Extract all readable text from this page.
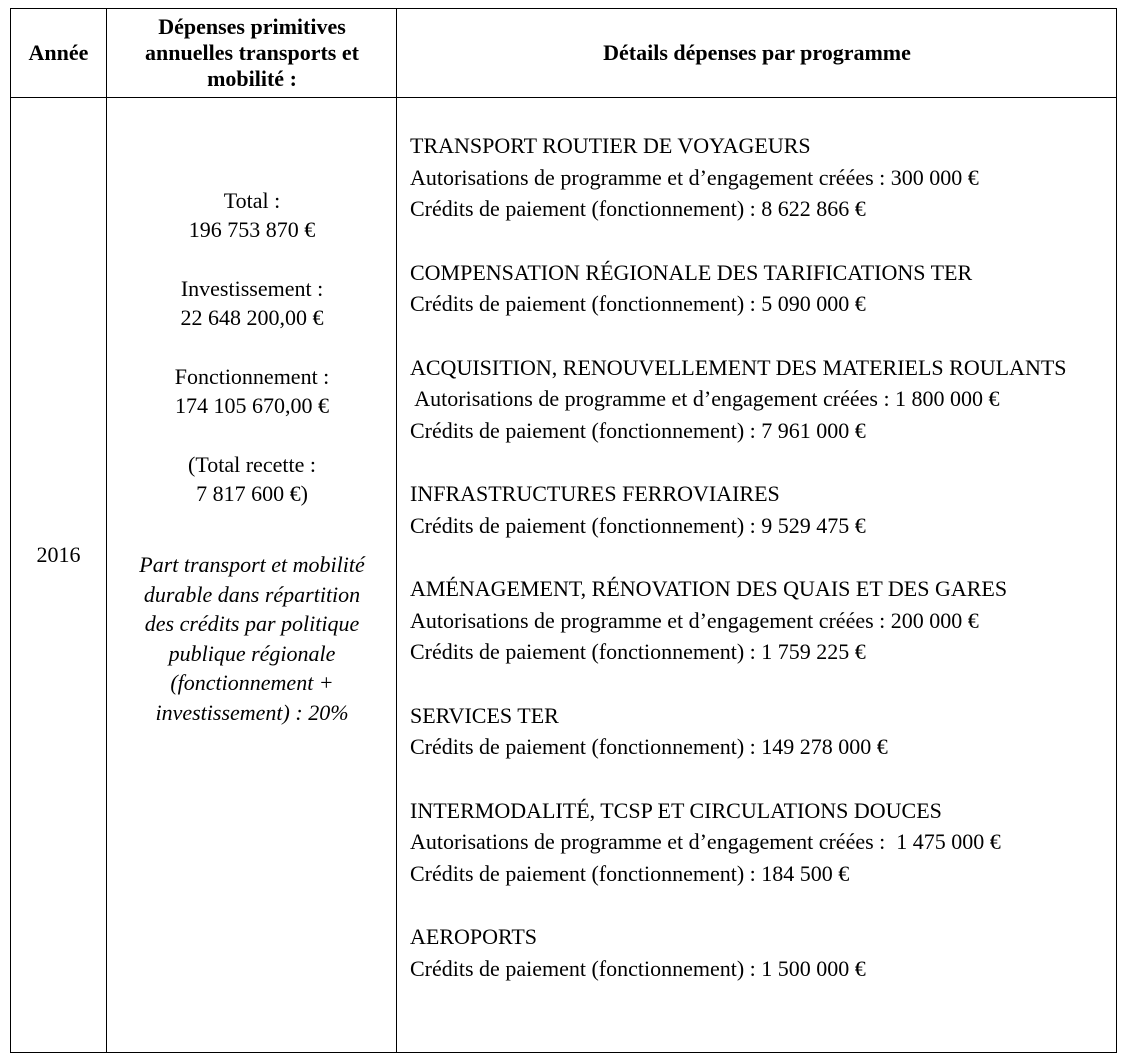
Année
Dépenses primitives
annuelles transports et
mobilité :
Détails dépenses par programme
2016
Total :
196 753 870 €
Investissement :
22 648 200,00 €
Fonctionnement :
174 105 670,00 €
(Total recette :
7 817 600 €)
Part transport et mobilité
durable dans répartition
des crédits par politique
publique régionale
(fonctionnement +
investissement) : 20%
TRANSPORT ROUTIER DE VOYAGEURS
Autorisations de programme et d’engagement créées : 300 000 €
Crédits de paiement (fonctionnement) : 8 622 866 €
COMPENSATION RÉGIONALE DES TARIFICATIONS TER
Crédits de paiement (fonctionnement) : 5 090 000 €
ACQUISITION, RENOUVELLEMENT DES MATERIELS ROULANTS
Autorisations de programme et d’engagement créées : 1 800 000 €
Crédits de paiement (fonctionnement) : 7 961 000 €
INFRASTRUCTURES FERROVIAIRES
Crédits de paiement (fonctionnement) : 9 529 475 €
AMÉNAGEMENT, RÉNOVATION DES QUAIS ET DES GARES
Autorisations de programme et d’engagement créées : 200 000 €
Crédits de paiement (fonctionnement) : 1 759 225 €
SERVICES TER
Crédits de paiement (fonctionnement) : 149 278 000 €
INTERMODALITÉ, TCSP ET CIRCULATIONS DOUCES
Autorisations de programme et d’engagement créées :  1 475 000 €
Crédits de paiement (fonctionnement) : 184 500 €
AEROPORTS
Crédits de paiement (fonctionnement) : 1 500 000 €
